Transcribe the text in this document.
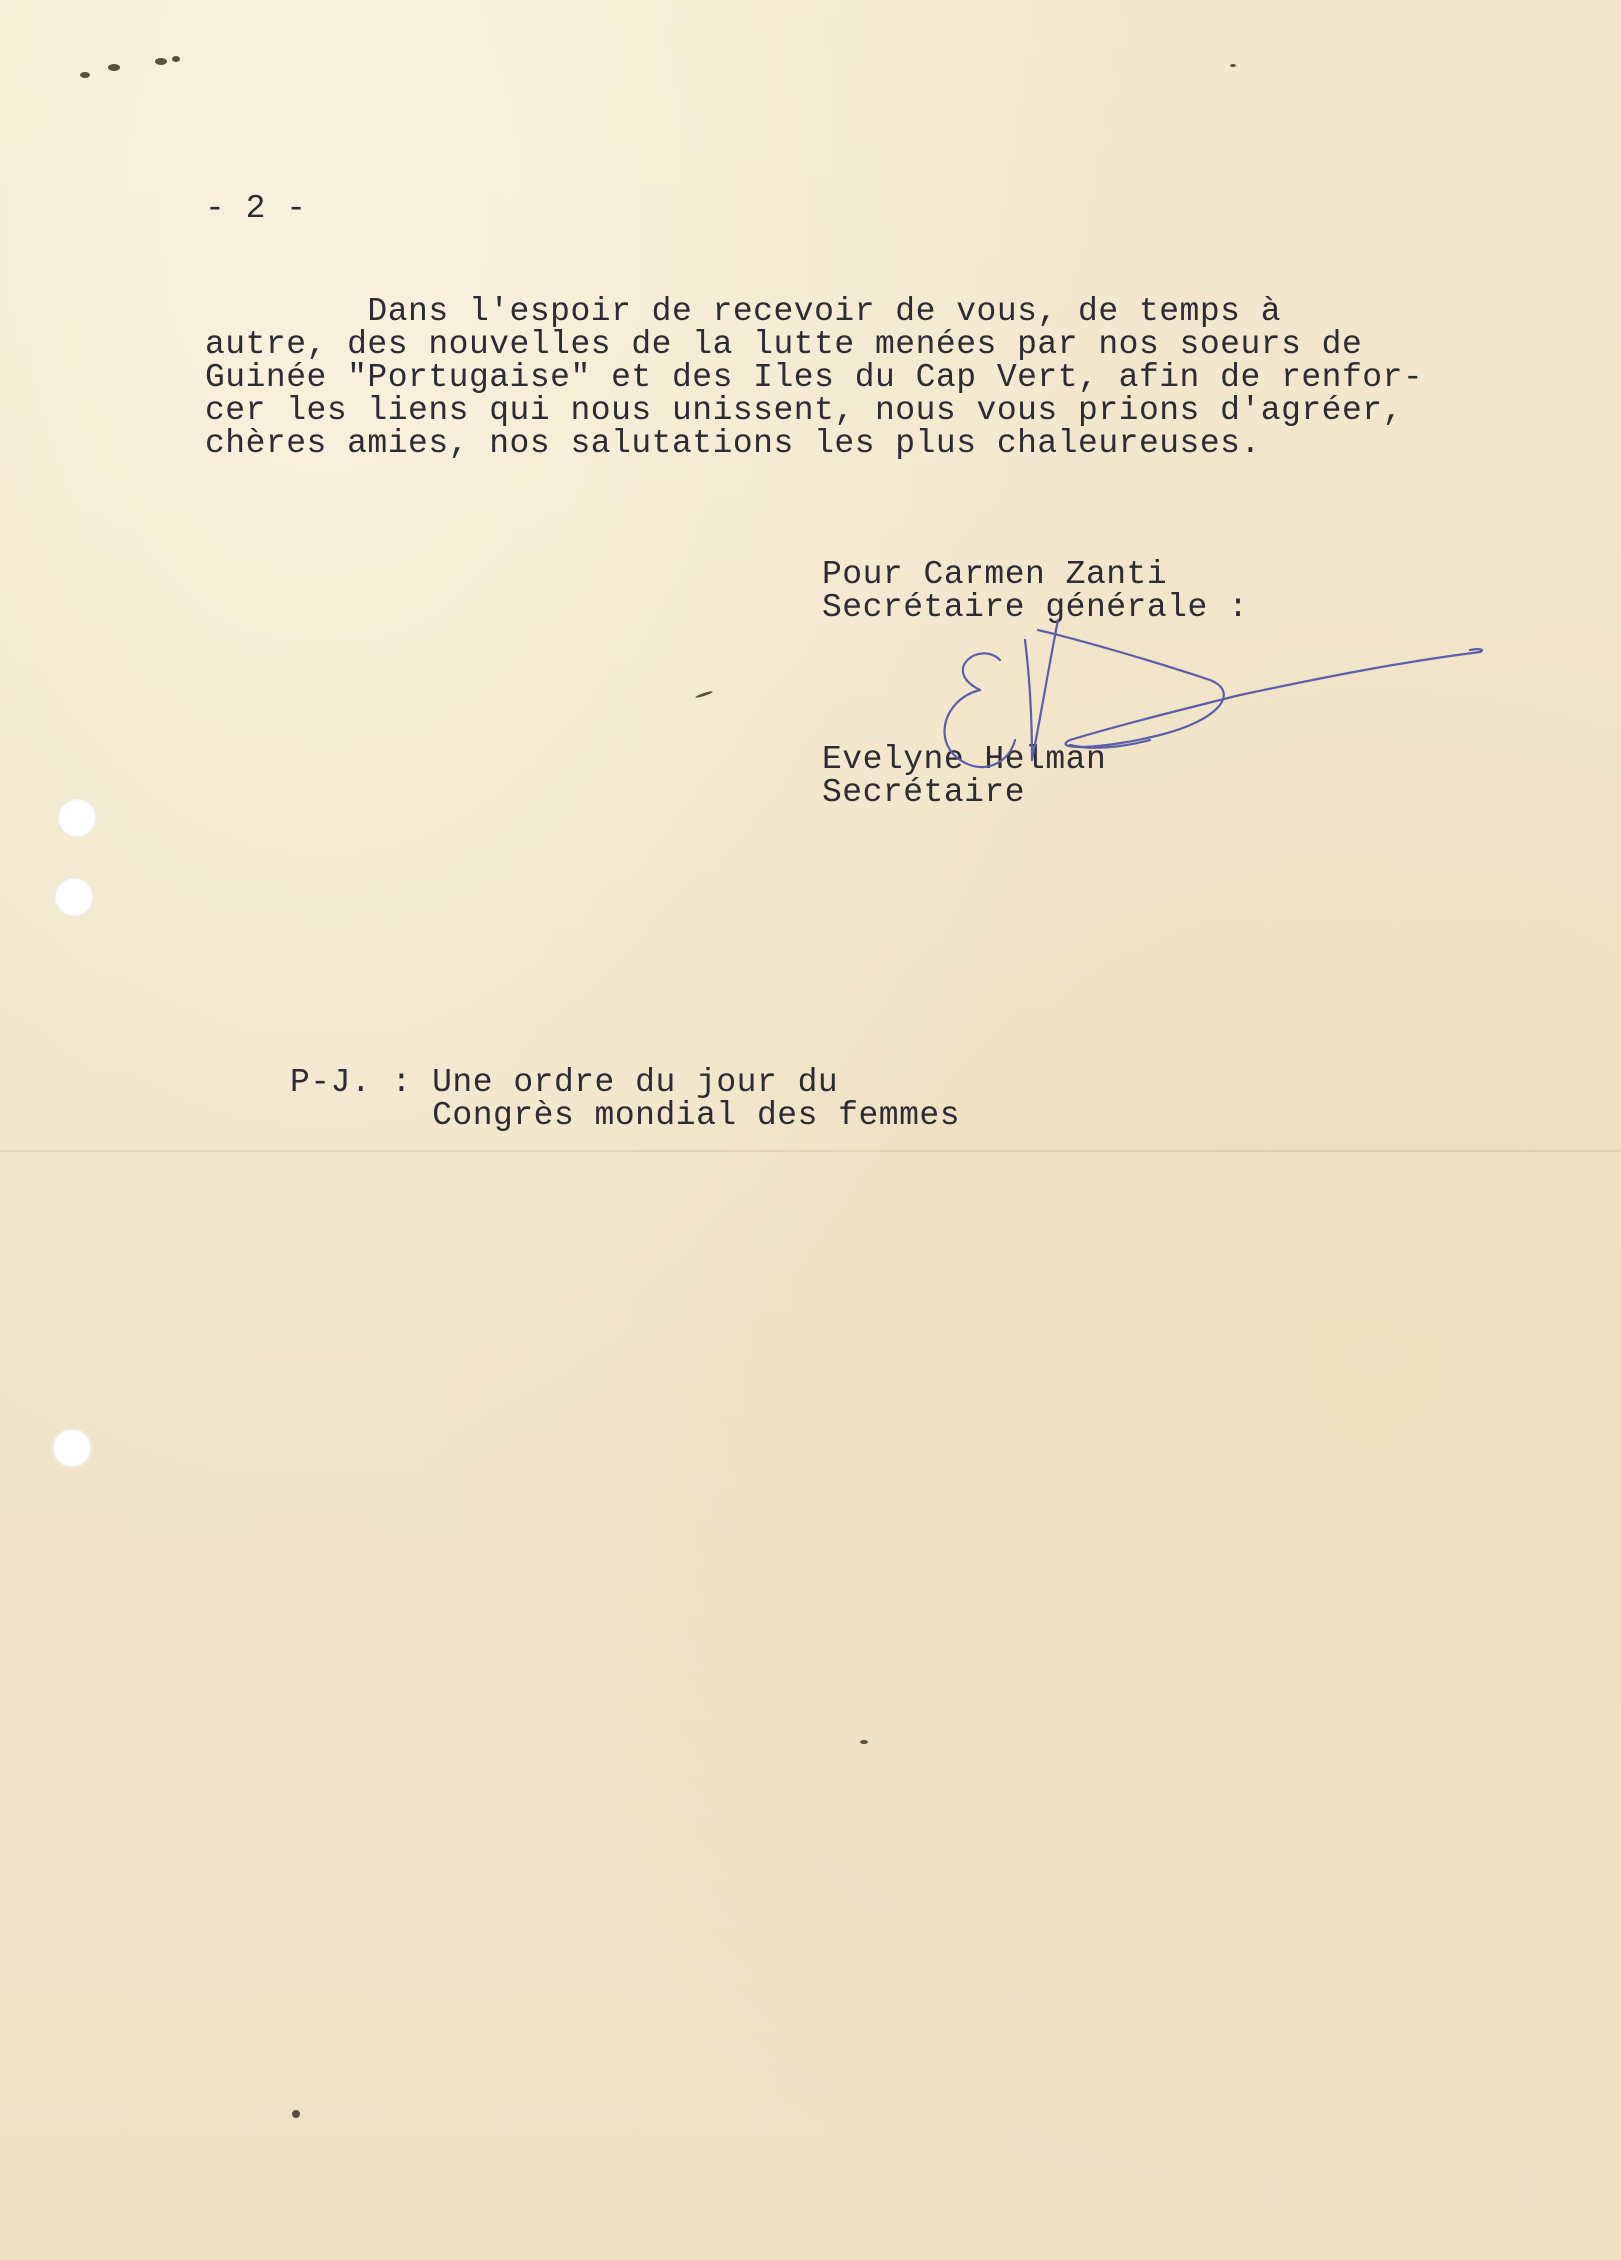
- 2 -
Dans l'espoir de recevoir de vous, de temps à
autre, des nouvelles de la lutte menées par nos soeurs de
Guinée "Portugaise" et des Iles du Cap Vert, afin de renfor-
cer les liens qui nous unissent, nous vous prions d'agréer,
chères amies, nos salutations les plus chaleureuses.
Pour Carmen Zanti
Secrétaire générale :
Evelyne Helman
Secrétaire
P-J. : Une ordre du jour du
Congrès mondial des femmes
